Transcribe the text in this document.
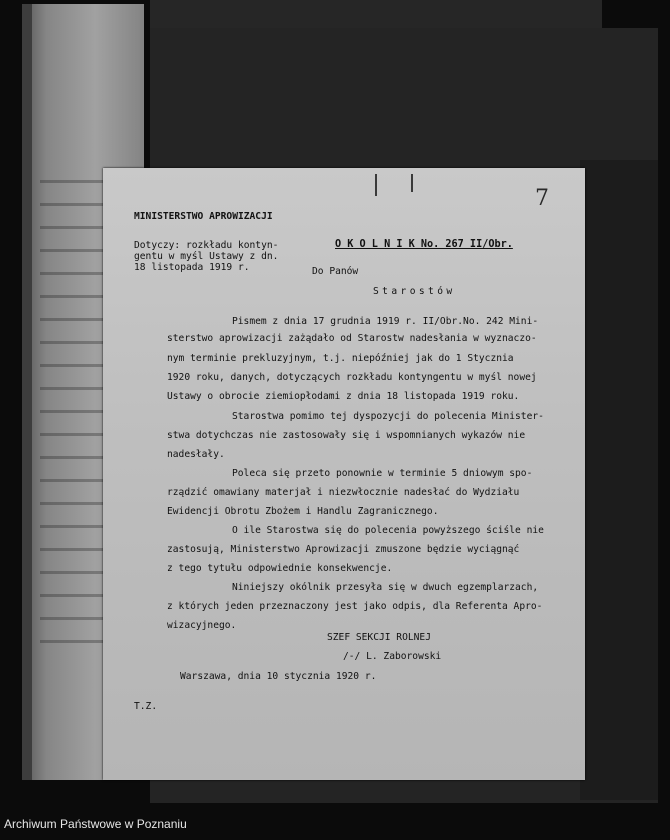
7
MINISTERSTWO APROWIZACJI
Dotyczy: rozkładu kontyn-
gentu w myśl Ustawy z dn.
18 listopada 1919 r.
O K O L N I K No. 267 II/Obr.
Do Panów
Starostów
Pismem z dnia 17 grudnia 1919 r. II/Obr.No. 242 Mini-
sterstwo aprowizacji zażądało od Starostw nadesłania w wyznaczo-
nym terminie prekluzyjnym, t.j. niepóźniej jak do 1 Stycznia
1920 roku, danych, dotyczących rozkładu kontyngentu w myśl nowej
Ustawy o obrocie ziemiopłodami z dnia 18 listopada 1919 roku.
Starostwa pomimo tej dyspozycji do polecenia Minister-
stwa dotychczas nie zastosowały się i wspomnianych wykazów nie
nadesłały.
Poleca się przeto ponownie w terminie 5 dniowym spo-
rządzić omawiany materjał i niezwłocznie nadesłać do Wydziału
Ewidencji Obrotu Zbożem i Handlu Zagranicznego.
O ile Starostwa się do polecenia powyższego ściśle nie
zastosują, Ministerstwo Aprowizacji zmuszone będzie wyciągnąć
z tego tytułu odpowiednie konsekwencje.
Niniejszy okólnik przesyła się w dwuch egzemplarzach,
z których jeden przeznaczony jest jako odpis, dla Referenta Apro-
wizacyjnego.
SZEF SEKCJI ROLNEJ
/-/ L. Zaborowski
Warszawa, dnia 10 stycznia 1920 r.
T.Z.
Archiwum Państwowe w Poznaniu
